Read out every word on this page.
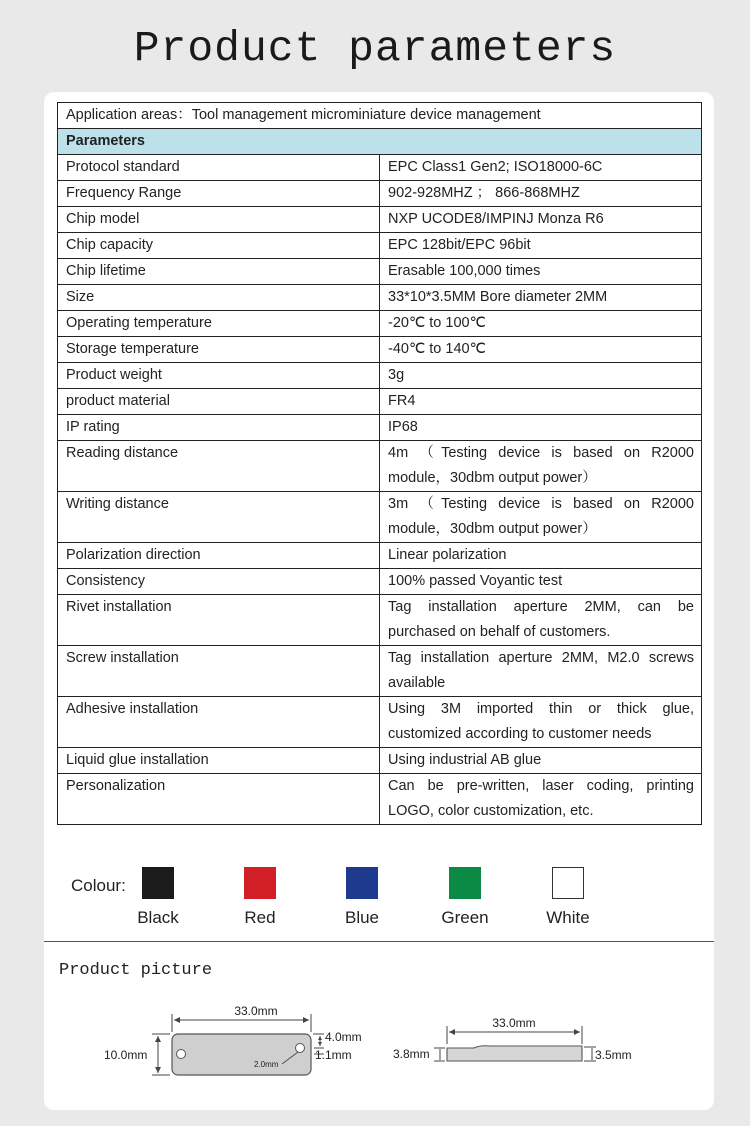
Product parameters
Application areas：Tool management microminiature device management	
Parameters	
Protocol standard	EPC Class1 Gen2; ISO18000-6C
Frequency Range	902-928MHZ ； 866-868MHZ
Chip model	NXP UCODE8/IMPINJ Monza R6
Chip capacity	EPC 128bit/EPC 96bit
Chip lifetime	Erasable 100,000 times
Size	33*10*3.5MM Bore diameter 2MM
Operating temperature	-20℃ to 100℃
Storage temperature	-40℃ to 140℃
Product weight	3g
product material	FR4
IP rating	IP68
Reading distance	4m （Testing device is based on R2000 module，30dbm output power）
Writing distance	3m （Testing device is based on R2000 module，30dbm output power）
Polarization direction	Linear polarization
Consistency	100% passed Voyantic test
Rivet installation	Tag installation aperture 2MM, can be purchased on behalf of customers.
Screw installation	Tag installation aperture 2MM, M2.0 screws available
Adhesive installation	Using 3M imported thin or thick glue, customized according to customer needs
Liquid glue installation	Using industrial AB glue
Personalization	Can be pre-written, laser coding, printing LOGO, color customization, etc.
Colour:
Black	Red	Blue	Green	White
Product picture
33.0mm
10.0mm
2.0mm
4.0mm
1.1mm
33.0mm
3.8mm	3.5mm
